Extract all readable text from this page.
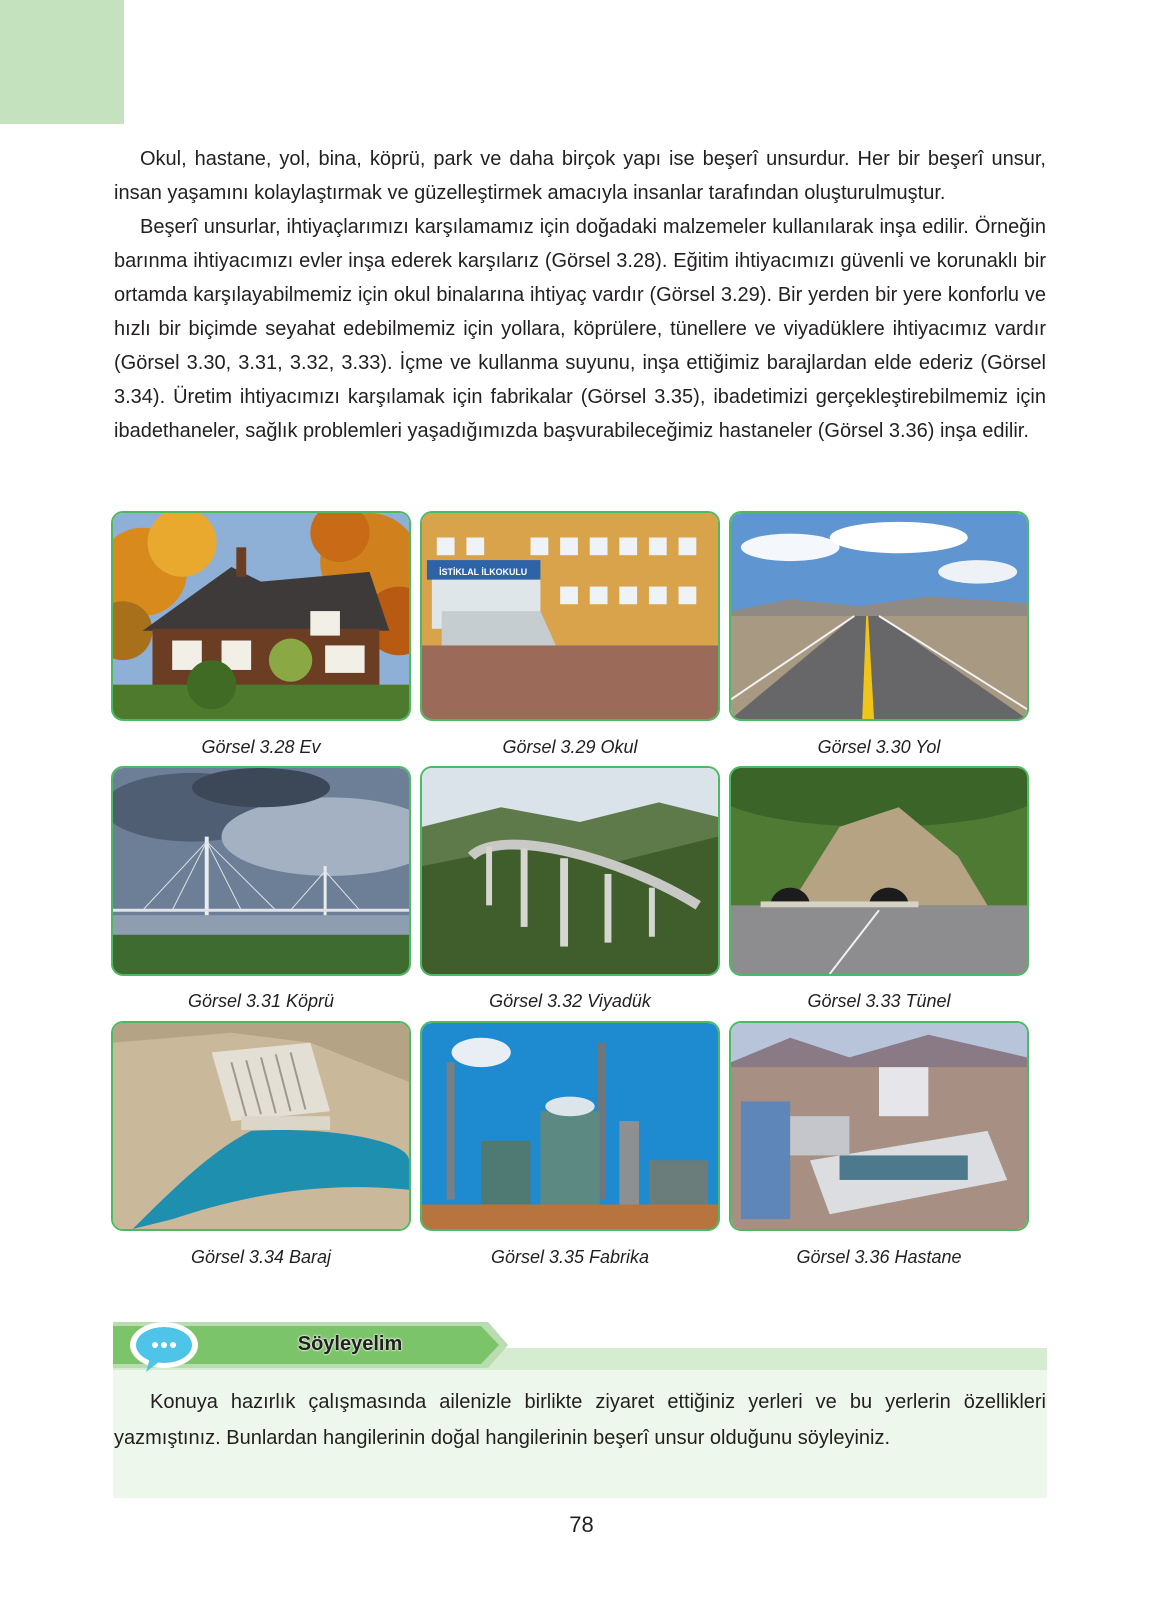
Okul, hastane, yol, bina, köprü, park ve daha birçok yapı ise beşerî unsurdur. Her bir beşerî unsur, insan yaşamını kolaylaştırmak ve güzelleştirmek amacıyla insanlar tarafından oluşturulmuştur.

Beşerî unsurlar, ihtiyaçlarımızı karşılamamız için doğadaki malzemeler kullanılarak inşa edilir. Örneğin barınma ihtiyacımızı evler inşa ederek karşılarız (Görsel 3.28). Eğitim ihtiyacımızı güvenli ve korunaklı bir ortamda karşılayabilmemiz için okul binalarına ihtiyaç vardır (Görsel 3.29). Bir yerden bir yere konforlu ve hızlı bir biçimde seyahat edebilmemiz için yollara, köprülere, tünellere ve viyadüklere ihtiyacımız vardır (Görsel 3.30, 3.31, 3.32, 3.33). İçme ve kullanma suyunu, inşa ettiğimiz barajlardan elde ederiz (Görsel 3.34). Üretim ihtiyacımızı karşılamak için fabrikalar (Görsel 3.35), ibadetimizi gerçekleştirebilmemiz için ibadethaneler, sağlık problemleri yaşadığımızda başvurabileceğimiz hastaneler (Görsel 3.36) inşa edilir.

İSTİKLAL İLKOKULU
Görsel 3.28 Ev	Görsel 3.29 Okul	Görsel 3.30 Yol
Görsel 3.31 Köprü	Görsel 3.32 Viyadük	Görsel 3.33 Tünel
Görsel 3.34 Baraj	Görsel 3.35 Fabrika	Görsel 3.36 Hastane
Söyleyelim

Konuya hazırlık çalışmasında ailenizle birlikte ziyaret ettiğiniz yerleri ve bu yerlerin özellikleri yazmıştınız. Bunlardan hangilerinin doğal hangilerinin beşerî unsur olduğunu söyleyiniz.

78
